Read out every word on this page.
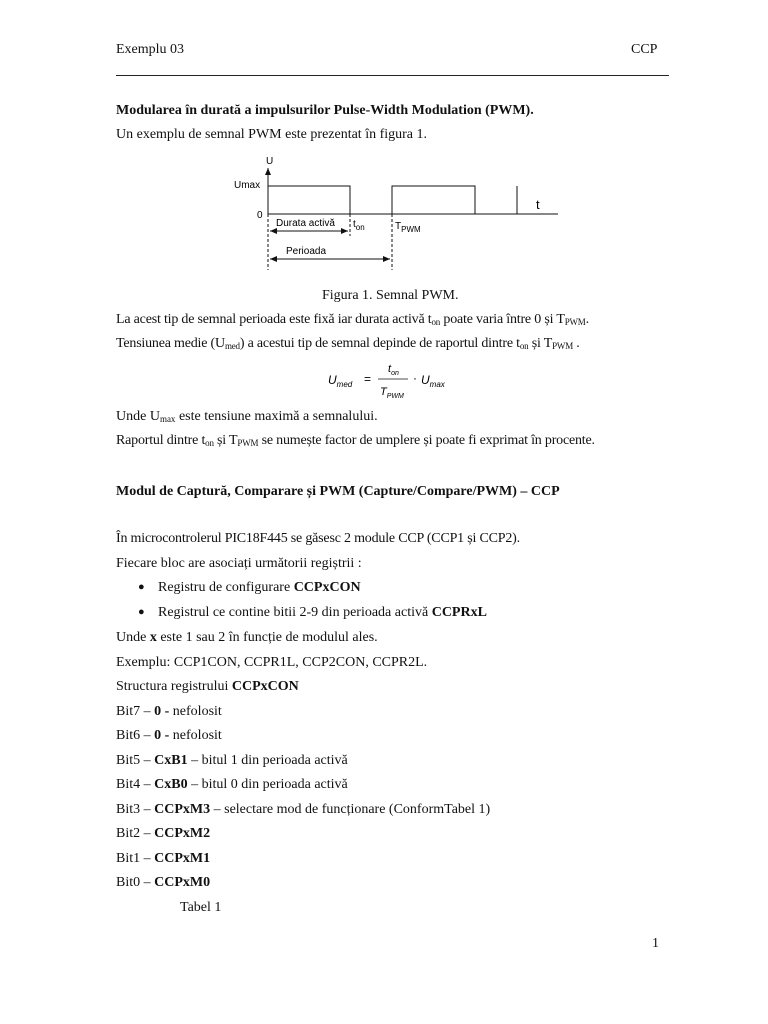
Exemplu 03	CCP
Modularea în durată a impulsurilor Pulse-Width Modulation (PWM).
Un exemplu de semnal PWM este prezentat în figura 1.
U
Umax
0
t
Durata activă $t_{on}$	$T_{PWM}$
Perioada
Figura 1. Semnal PWM.
La acest tip de semnal perioada este fixă iar durata activă $t_{on}$ poate varia între 0 și $T_{PWM}$.
Tensiunea medie $(U_{med})$ a acestui tip de semnal depinde de raportul dintre $t_{on}$ și $T_{PWM}$ .
$U_{med}$ =
$t_{on}$
$T_{PWM}$
· $U_{max}$
Unde $U_{max}$ este tensiune maximă a semnalului.
Raportul dintre $t_{on}$ și $T_{PWM}$ se numește factor de umplere și poate fi exprimat în procente.
Modul de Captură, Comparare și PWM (Capture/Compare/PWM) – CCP
În microcontrolerul PIC18F445 se găsesc 2 module CCP (CCP1 și CCP2).
Fiecare bloc are asociați următorii regiștrii :
● Registru de configurare CCPxCON
● Registrul ce contine bitii 2-9 din perioada activă CCPRxL
Unde x este 1 sau 2 în funcție de modulul ales.
Exemplu: CCP1CON, CCPR1L, CCP2CON, CCPR2L.
Structura registrului CCPxCON
Bit7 – 0 - nefolosit
Bit6 – 0 - nefolosit
Bit5 – CxB1 – bitul 1 din perioada activă
Bit4 – CxB0 – bitul 0 din perioada activă
Bit3 – CCPxM3 – selectare mod de funcționare (ConformTabel 1)
Bit2 – CCPxM2
Bit1 – CCPxM1
Bit0 – CCPxM0
Tabel 1
1
